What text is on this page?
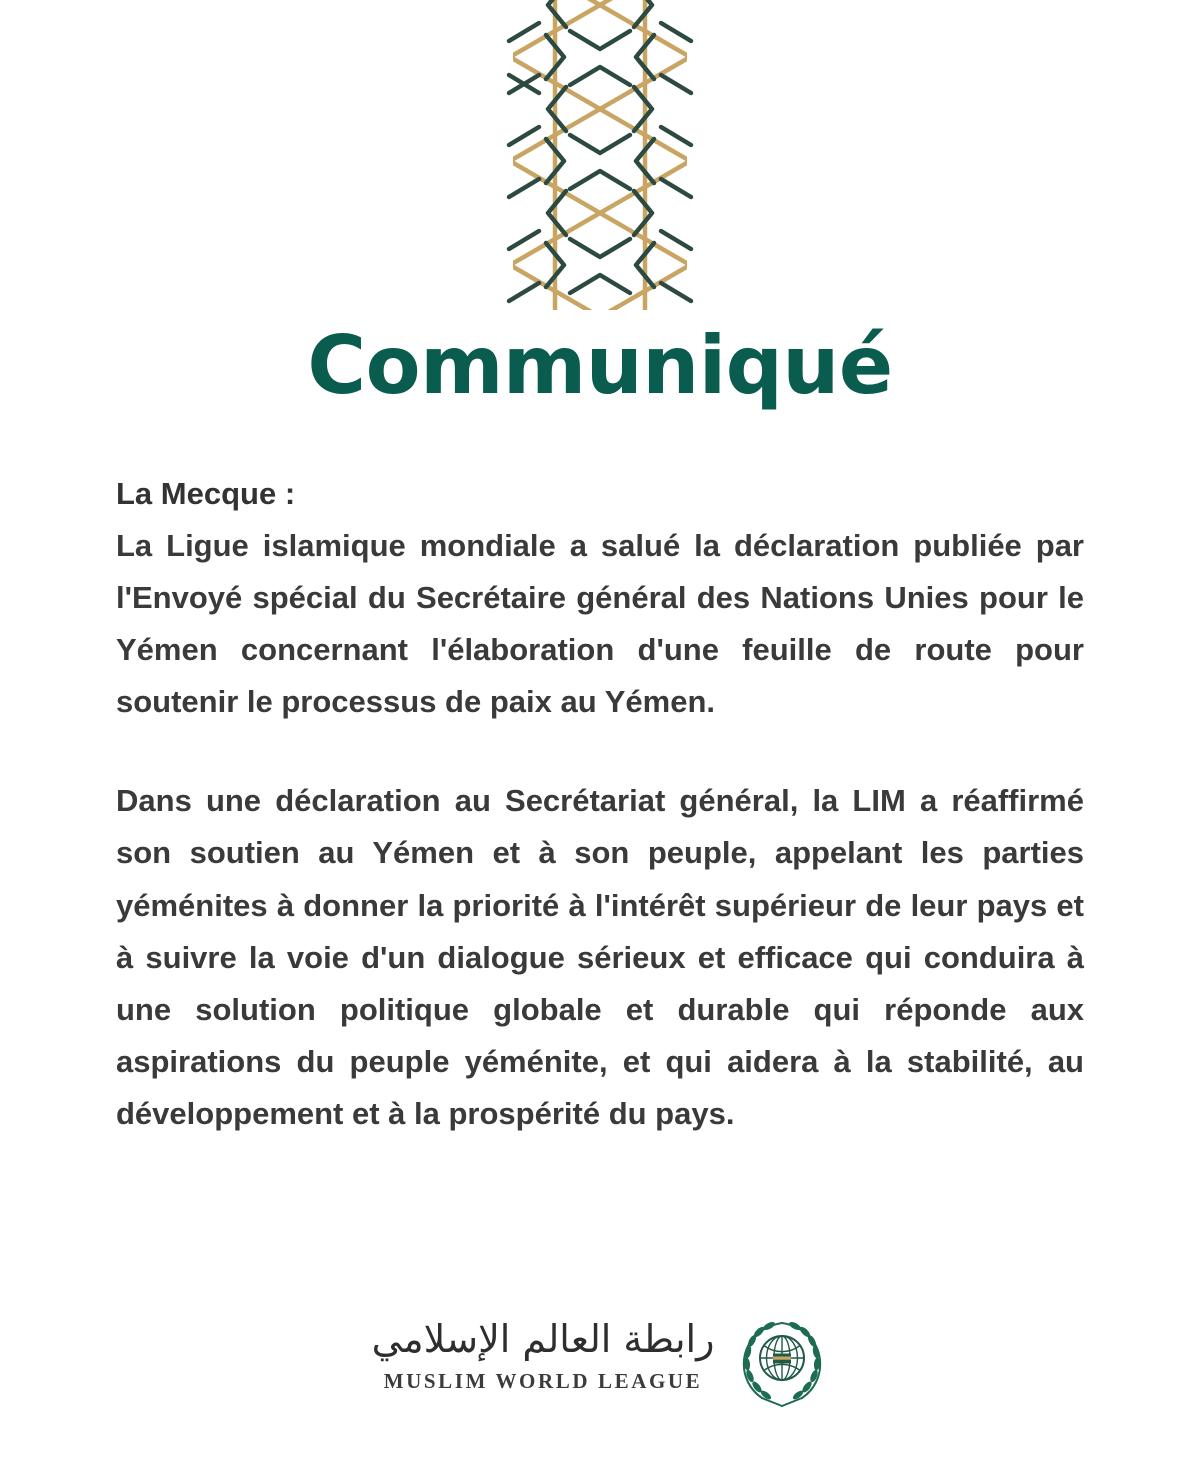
Communiqué
La Mecque :

La Ligue islamique mondiale a salué la déclaration publiée par l'Envoyé spécial du Secrétaire général des Nations Unies pour le Yémen concernant l'élaboration d'une feuille de route pour soutenir le processus de paix au Yémen.

Dans une déclaration au Secrétariat général, la LIM a réaffirmé son soutien au Yémen et à son peuple, appelant les parties yéménites à donner la priorité à l'intérêt supérieur de leur pays et à suivre la voie d'un dialogue sérieux et efficace qui conduira à une solution politique globale et durable qui réponde aux aspirations du peuple yéménite, et qui aidera à la stabilité, au développement et à la prospérité du pays.

رابطة العالم الإسلامي
MUSLIM WORLD LEAGUE
